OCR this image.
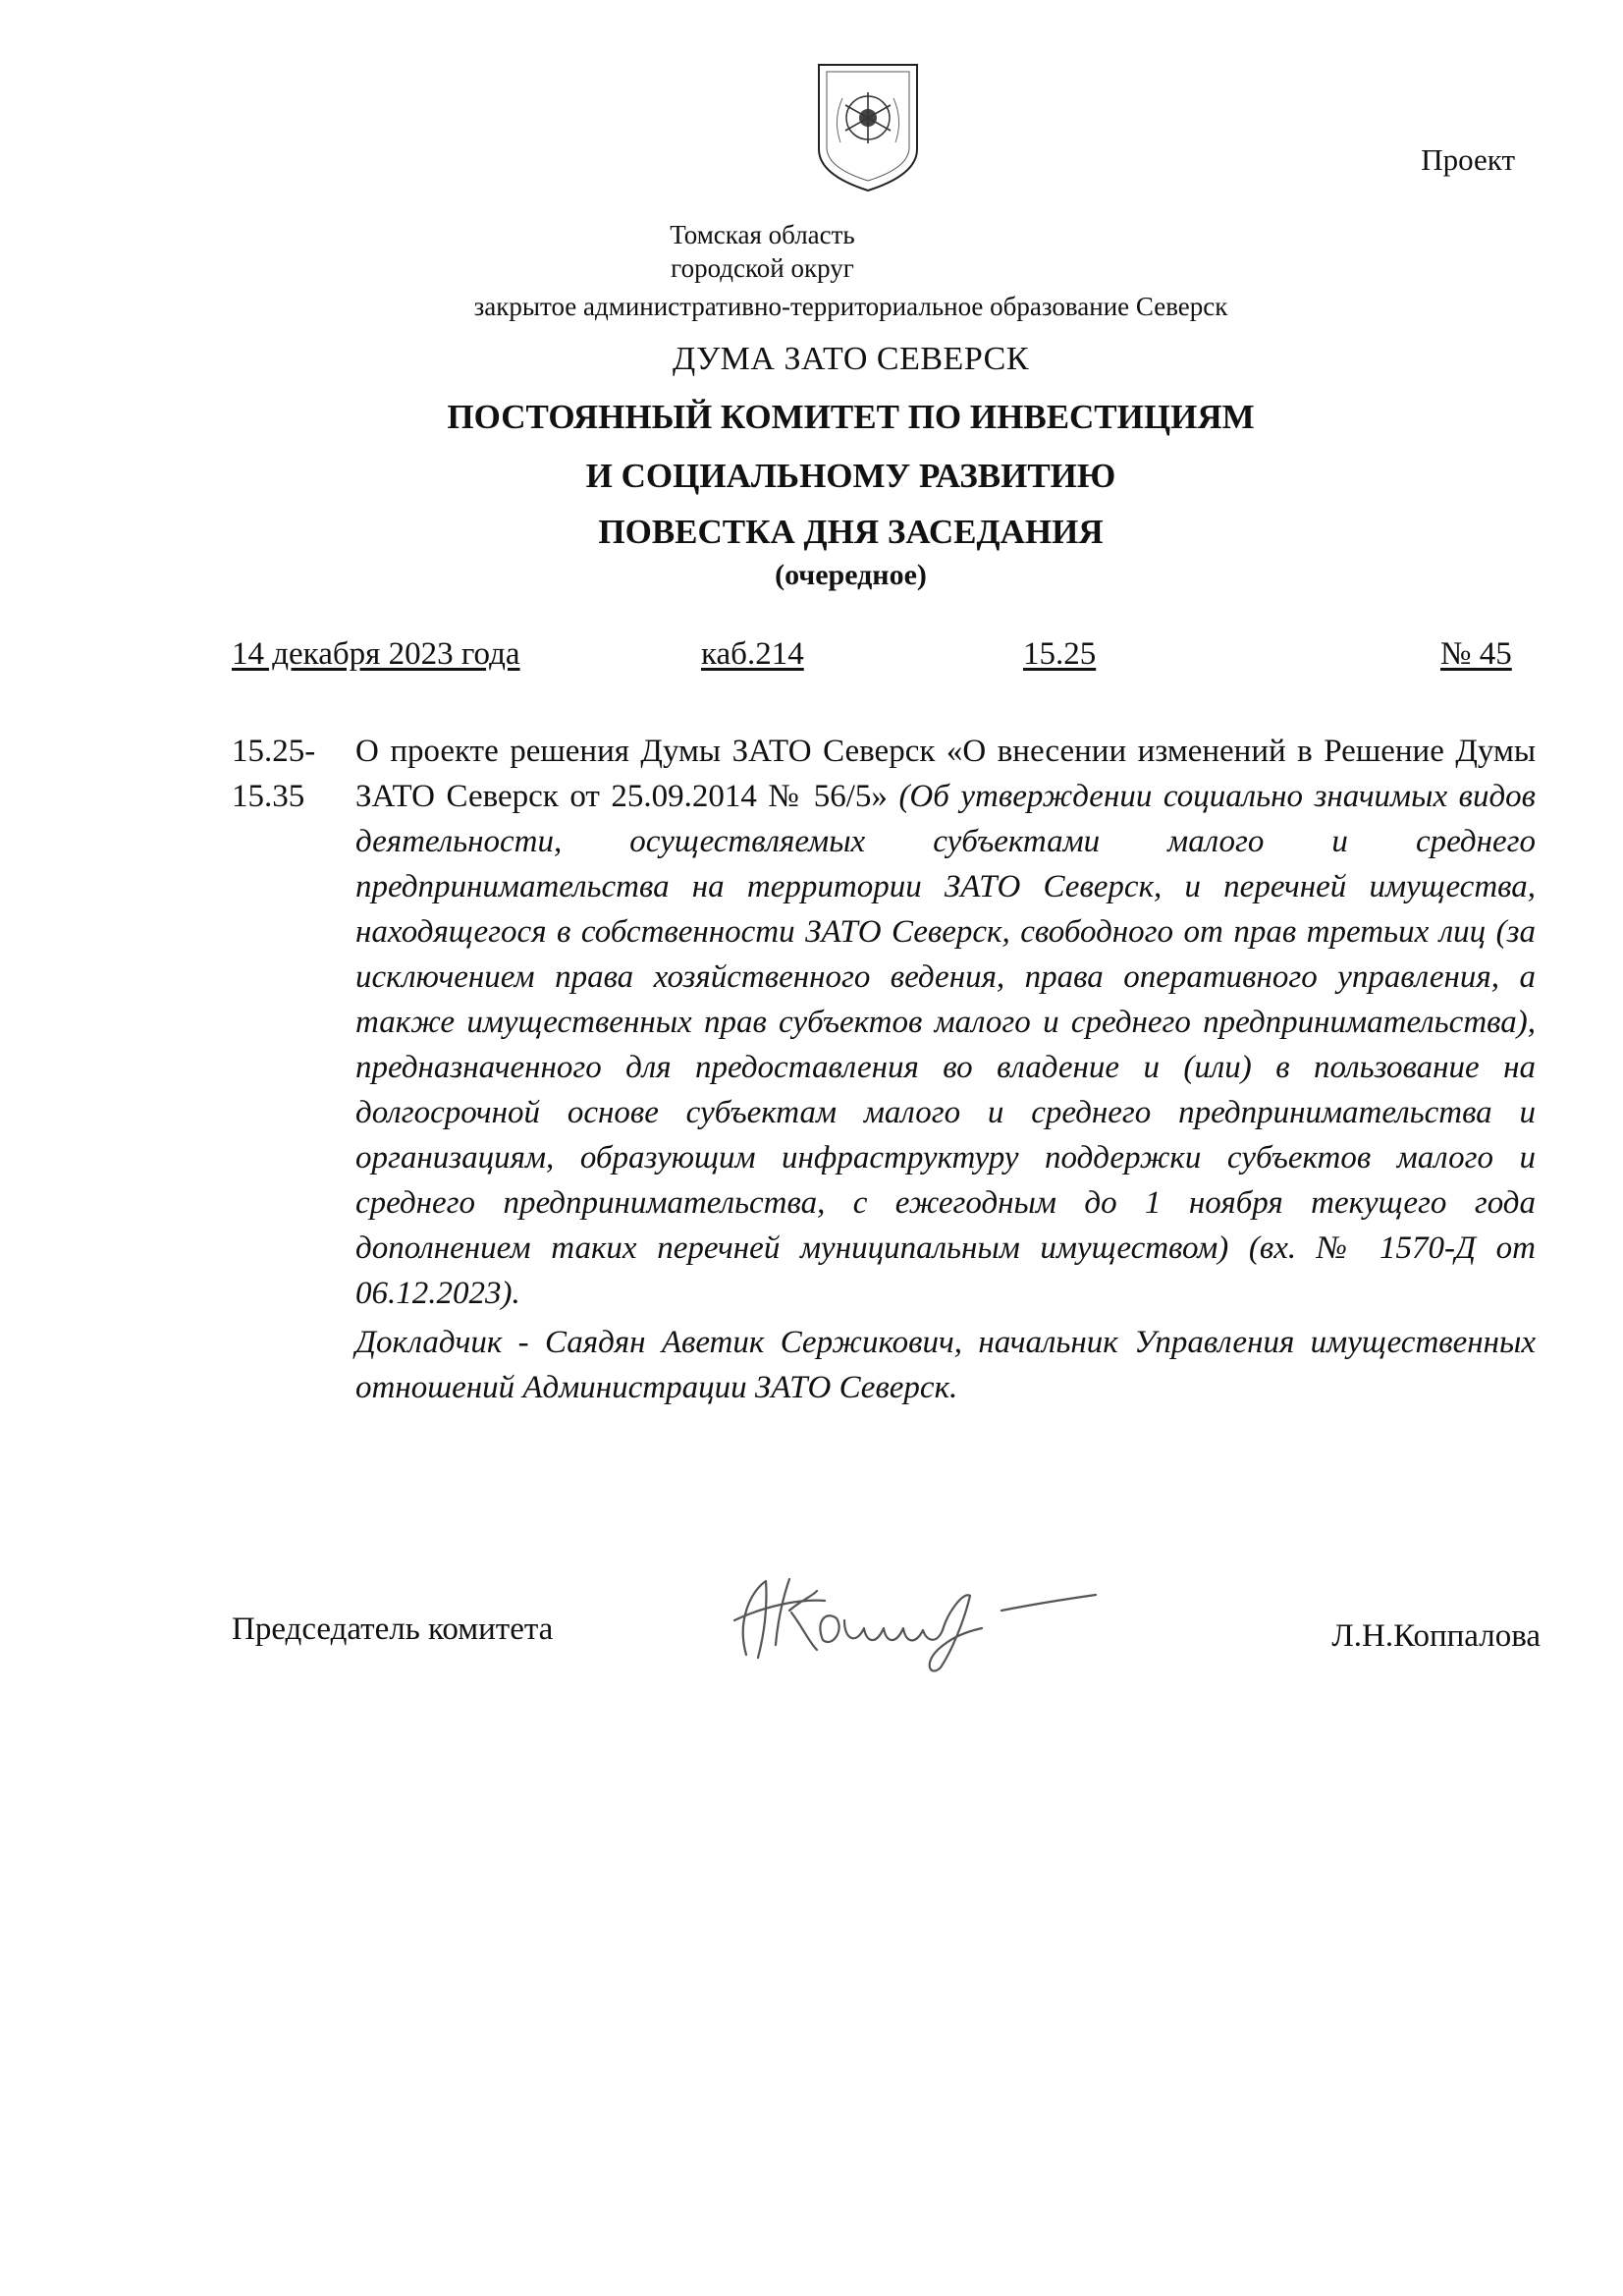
Проект
Томская область
городской округ
закрытое административно-территориальное образование Северск
ДУМА ЗАТО СЕВЕРСК
ПОСТОЯННЫЙ КОМИТЕТ ПО ИНВЕСТИЦИЯМ
И СОЦИАЛЬНОМУ РАЗВИТИЮ
ПОВЕСТКА ДНЯ ЗАСЕДАНИЯ
(очередное)
14 декабря 2023 года	каб.214	15.25	№ 45
15.25-
15.35

О проекте решения Думы ЗАТО Северск «О внесении изменений в Решение Думы ЗАТО Северск от 25.09.2014 № 56/5» (Об утверждении социально значимых видов деятельности, осуществляемых субъектами малого и среднего предпринимательства на территории ЗАТО Северск, и перечней имущества, находящегося в собственности ЗАТО Северск, свободного от прав третьих лиц (за исключением права хозяйственного ведения, права оперативного управления, а также имущественных прав субъектов малого и среднего предпринимательства), предназначенного для предоставления во владение и (или) в пользование на долгосрочной основе субъектам малого и среднего предпринимательства и организациям, образующим инфраструктуру поддержки субъектов малого и среднего предпринимательства, с ежегодным до 1 ноября текущего года дополнением таких перечней муниципальным имуществом) (вх. № 1570-Д от 06.12.2023).

Докладчик - Саядян Аветик Сержикович, начальник Управления имущественных отношений Администрации ЗАТО Северск.

Председатель комитета	Л.Н.Коппалова
